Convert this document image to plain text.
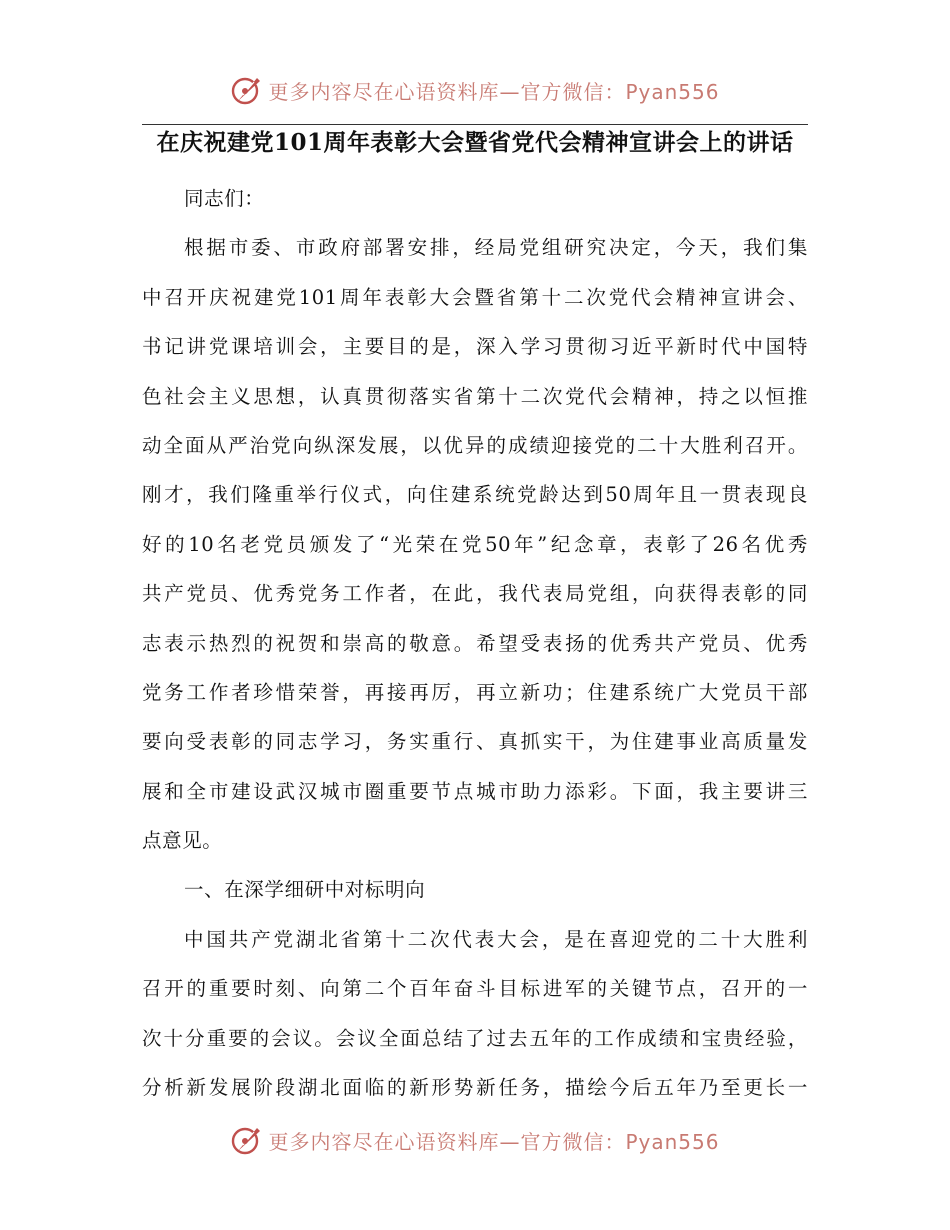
更多内容尽在心语资料库—官方微信：Pyan556
在庆祝建党101周年表彰大会暨省党代会精神宣讲会上的讲话
同志们：
根据市委、市政府部署安排，经局党组研究决定，今天，我们集
中召开庆祝建党101周年表彰大会暨省第十二次党代会精神宣讲会、
书记讲党课培训会，主要目的是，深入学习贯彻习近平新时代中国特
色社会主义思想，认真贯彻落实省第十二次党代会精神，持之以恒推
动全面从严治党向纵深发展，以优异的成绩迎接党的二十大胜利召开。
刚才，我们隆重举行仪式，向住建系统党龄达到50周年且一贯表现良
好的10名老党员颁发了“光荣在党50年”纪念章，表彰了26名优秀
共产党员、优秀党务工作者，在此，我代表局党组，向获得表彰的同
志表示热烈的祝贺和崇高的敬意。希望受表扬的优秀共产党员、优秀
党务工作者珍惜荣誉，再接再厉，再立新功；住建系统广大党员干部
要向受表彰的同志学习，务实重行、真抓实干，为住建事业高质量发
展和全市建设武汉城市圈重要节点城市助力添彩。下面，我主要讲三
点意见。
一、在深学细研中对标明向
中国共产党湖北省第十二次代表大会，是在喜迎党的二十大胜利
召开的重要时刻、向第二个百年奋斗目标进军的关键节点，召开的一
次十分重要的会议。会议全面总结了过去五年的工作成绩和宝贵经验，
分析新发展阶段湖北面临的新形势新任务，描绘今后五年乃至更长一
更多内容尽在心语资料库—官方微信：Pyan556
